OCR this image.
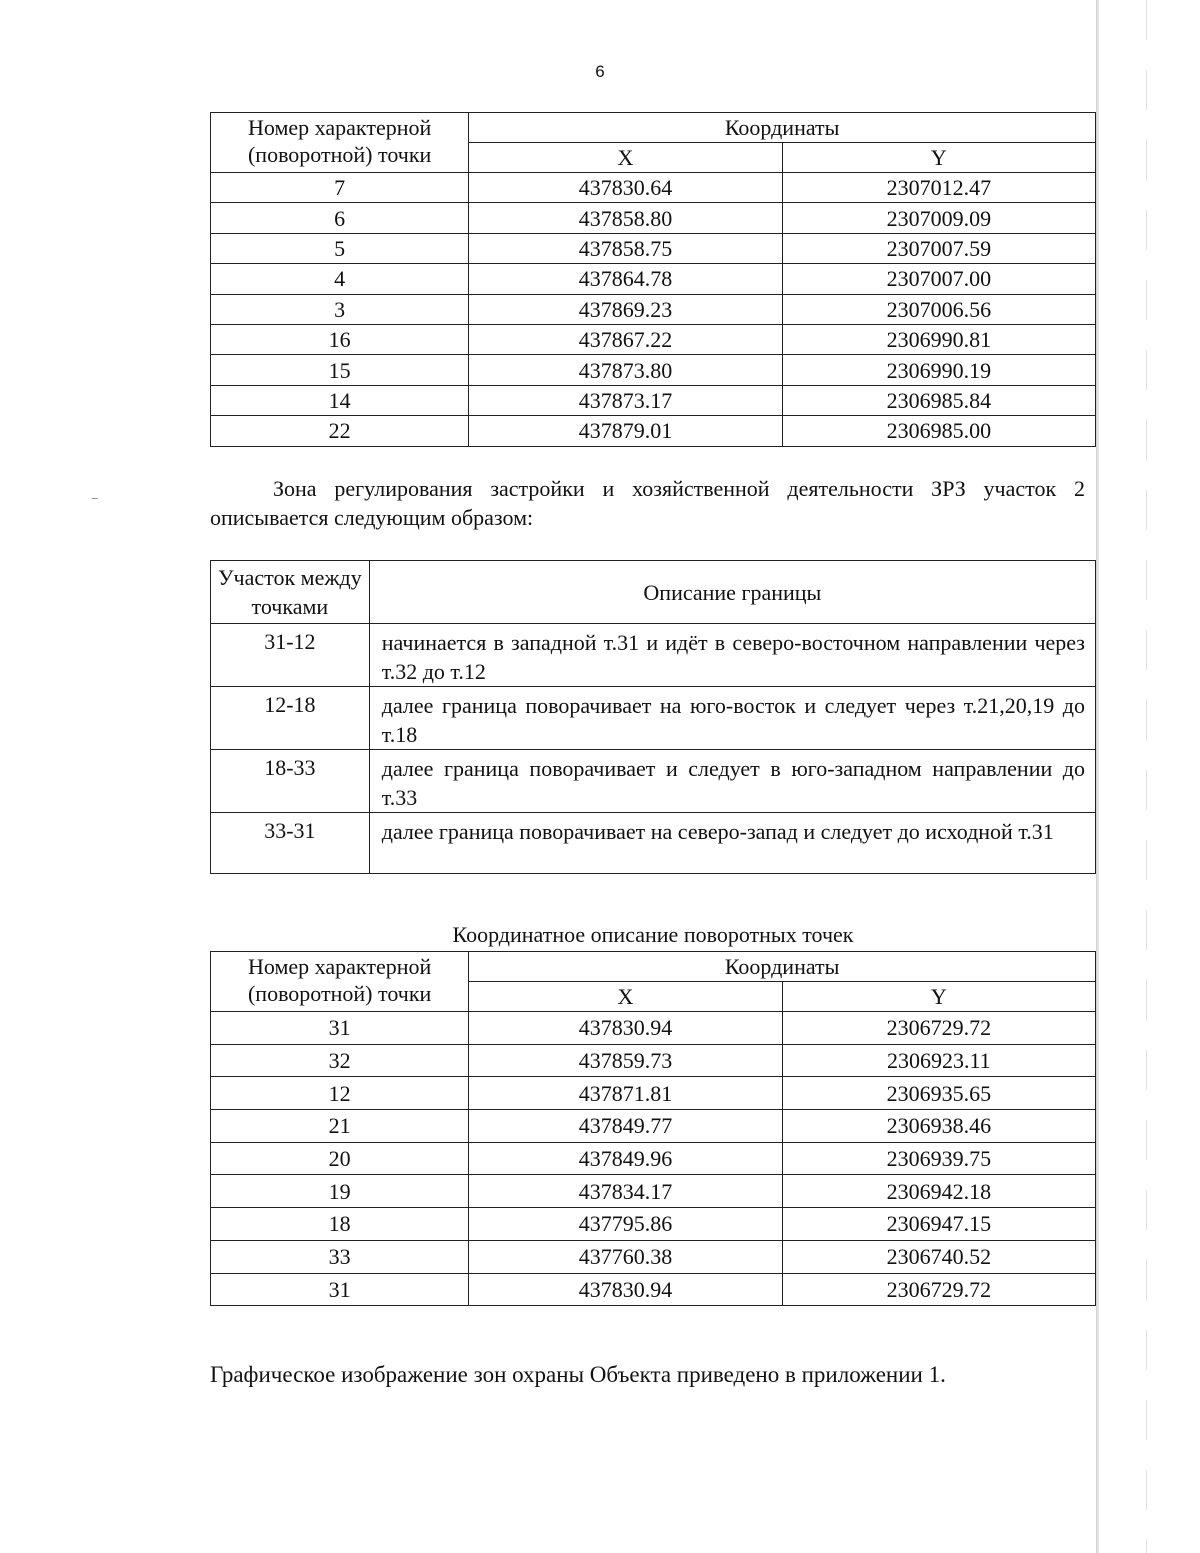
6
Номер характерной (поворотной) точки	Координаты	
	X	Y
7	437830.64	2307012.47
6	437858.80	2307009.09
5	437858.75	2307007.59
4	437864.78	2307007.00
3	437869.23	2307006.56
16	437867.22	2306990.81
15	437873.80	2306990.19
14	437873.17	2306985.84
22	437879.01	2306985.00
Зона регулирования застройки и хозяйственной деятельности ЗРЗ участок 2 описывается следующим образом:
Участок между точками	Описание границы
31-12	начинается в западной т.31 и идёт в северо-восточном направлении через т.32 до т.12
12-18	далее граница поворачивает на юго-восток и следует через т.21,20,19 до т.18
18-33	далее граница поворачивает и следует в юго-западном направлении до т.33
33-31	далее граница поворачивает на северо-запад и следует до исходной т.31
Координатное описание поворотных точек
Номер характерной (поворотной) точки	Координаты	
	X	Y
31	437830.94	2306729.72
32	437859.73	2306923.11
12	437871.81	2306935.65
21	437849.77	2306938.46
20	437849.96	2306939.75
19	437834.17	2306942.18
18	437795.86	2306947.15
33	437760.38	2306740.52
31	437830.94	2306729.72
Графическое изображение зон охраны Объекта приведено в приложении 1.
